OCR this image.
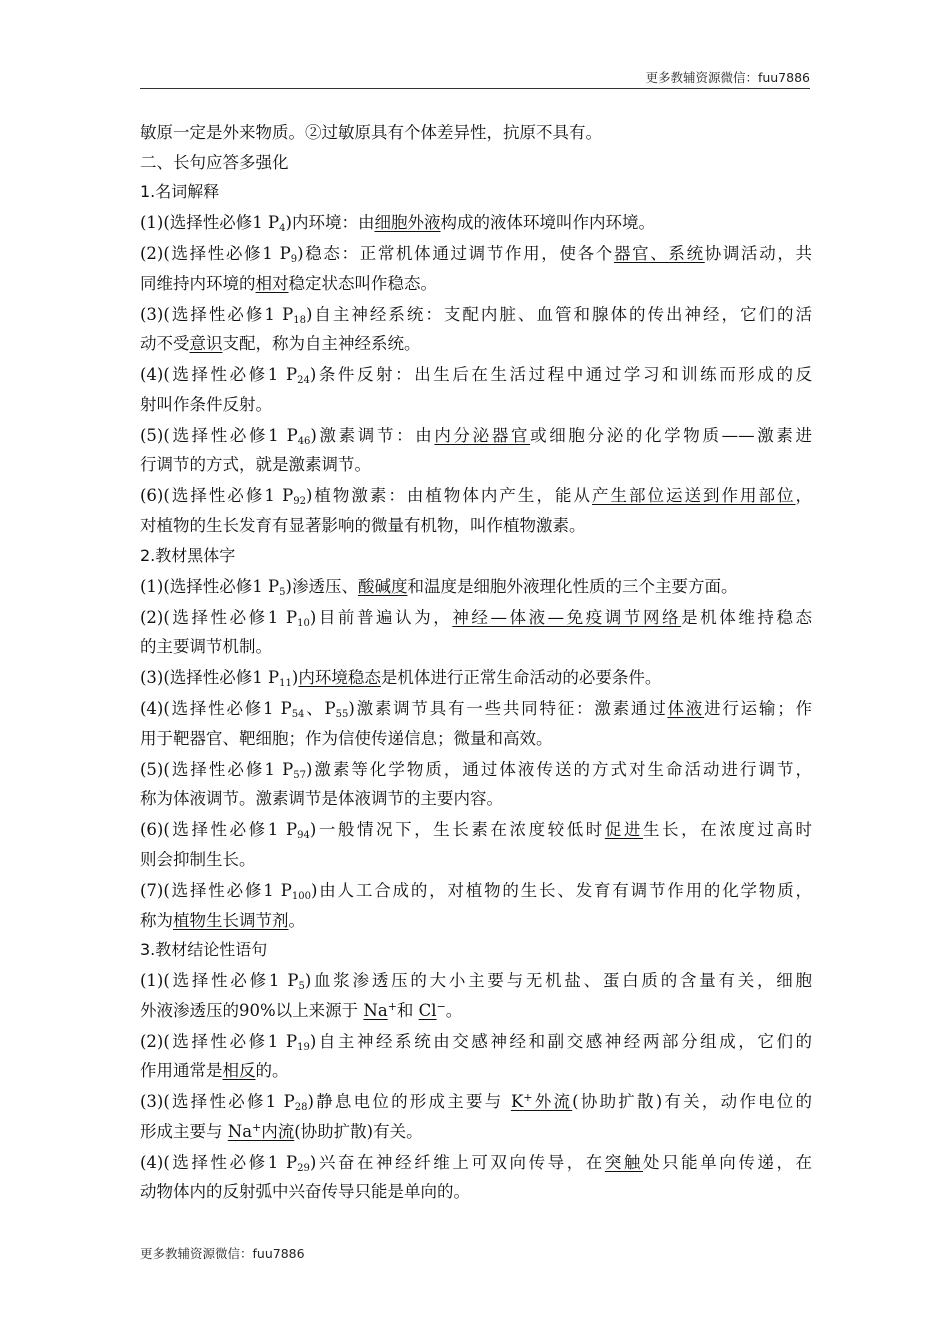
更多教辅资源微信：fuu7886
敏原一定是外来物质。②过敏原具有个体差异性，抗原不具有。
二、长句应答多强化
1.名词解释
(1)(选择性必修1 $P_4$)内环境：由细胞外液构成的液体环境叫作内环境。
(2)(选择性必修1 $P_9$)稳态：正常机体通过调节作用，使各个器官、系统协调活动，共
同维持内环境的相对稳定状态叫作稳态。
(3)(选择性必修1 $P_{18}$)自主神经系统：支配内脏、血管和腺体的传出神经，它们的活
动不受意识支配，称为自主神经系统。
(4)(选择性必修1 $P_{24}$)条件反射：出生后在生活过程中通过学习和训练而形成的反
射叫作条件反射。
(5)(选择性必修1 $P_{46}$)激素调节：由内分泌器官或细胞分泌的化学物质——激素进
行调节的方式，就是激素调节。
(6)(选择性必修1 $P_{92}$)植物激素：由植物体内产生，能从产生部位运送到作用部位，
对植物的生长发育有显著影响的微量有机物，叫作植物激素。
2.教材黑体字
(1)(选择性必修1 $P_5$)渗透压、酸碱度和温度是细胞外液理化性质的三个主要方面。
(2)(选择性必修1 $P_{10}$)目前普遍认为，神经—体液—免疫调节网络是机体维持稳态
的主要调节机制。
(3)(选择性必修1 $P_{11}$)内环境稳态是机体进行正常生命活动的必要条件。
(4)(选择性必修1 $P_{54}$、$P_{55}$)激素调节具有一些共同特征：激素通过体液进行运输；作
用于靶器官、靶细胞；作为信使传递信息；微量和高效。
(5)(选择性必修1 $P_{57}$)激素等化学物质，通过体液传送的方式对生命活动进行调节，
称为体液调节。激素调节是体液调节的主要内容。
(6)(选择性必修1 $P_{94}$)一般情况下，生长素在浓度较低时促进生长，在浓度过高时
则会抑制生长。
(7)(选择性必修1 $P_{100}$)由人工合成的，对植物的生长、发育有调节作用的化学物质，
称为植物生长调节剂。
3.教材结论性语句
(1)(选择性必修1 $P_5$)血浆渗透压的大小主要与无机盐、蛋白质的含量有关，细胞
外液渗透压的90%以上来源于 Na+和 Cl−。
(2)(选择性必修1 $P_{19}$)自主神经系统由交感神经和副交感神经两部分组成，它们的
作用通常是相反的。
(3)(选择性必修1 $P_{28}$)静息电位的形成主要与 K+外流(协助扩散)有关，动作电位的
形成主要与 Na+内流(协助扩散)有关。
(4)(选择性必修1 $P_{29}$)兴奋在神经纤维上可双向传导，在突触处只能单向传递，在
动物体内的反射弧中兴奋传导只能是单向的。
更多教辅资源微信：fuu7886
